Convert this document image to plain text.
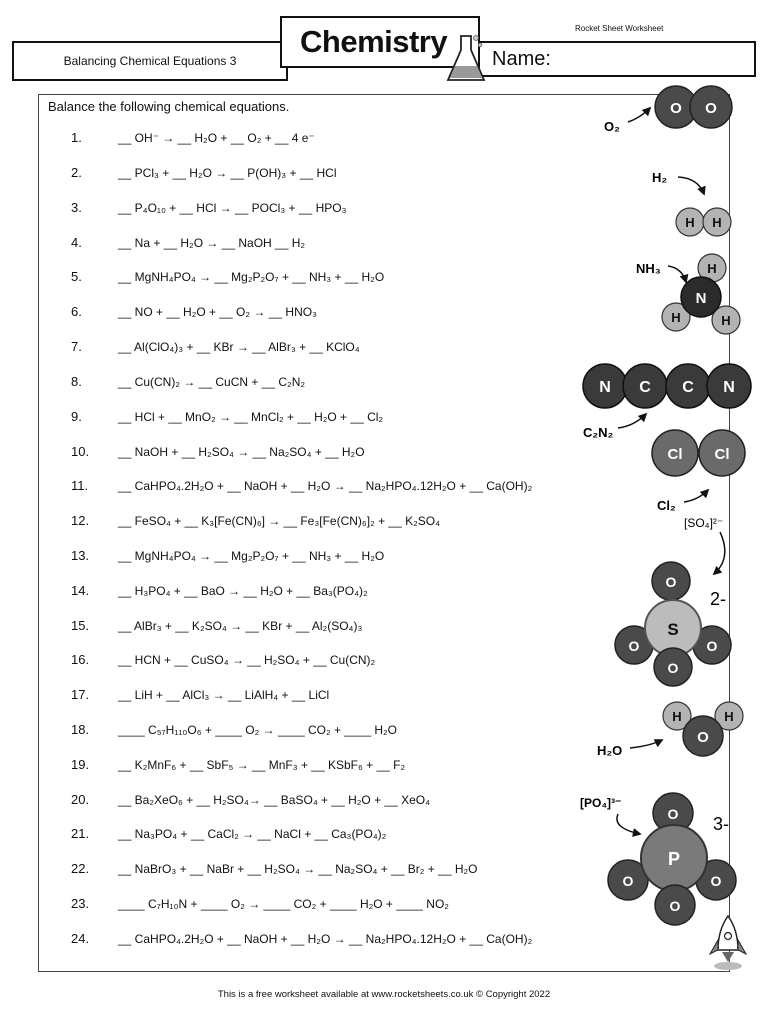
Balancing Chemical Equations 3	Name:
Chemistry	Rocket Sheet Worksheet
Balance the following chemical equations.
1.	__ OH⁻ → __ H₂O + __ O₂ + __ 4 e⁻
2.	__ PCl₃ + __ H₂O → __ P(OH)₃ + __ HCl
3.	__ P₄O₁₀ + __ HCl → __ POCl₃ + __ HPO₃
4.	__ Na + __ H₂O → __ NaOH __ H₂
5.	__ MgNH₄PO₄ → __ Mg₂P₂O₇ + __ NH₃ + __ H₂O
6.	__ NO + __ H₂O + __ O₂ → __ HNO₃
7.	__ Al(ClO₄)₃ + __ KBr → __ AlBr₃ + __ KClO₄
8.	__ Cu(CN)₂ → __ CuCN + __ C₂N₂
9.	__ HCl + __ MnO₂ → __ MnCl₂ + __ H₂O + __ Cl₂
10. __ NaOH + __ H₂SO₄ → __ Na₂SO₄ + __ H₂O
11. __ CaHPO₄.2H₂O + __ NaOH + __ H₂O → __ Na₂HPO₄.12H₂O + __ Ca(OH)₂
12. __ FeSO₄ + __ K₃[Fe(CN)₆] → __ Fe₃[Fe(CN)₆]₂ + __ K₂SO₄
13. __ MgNH₄PO₄ → __ Mg₂P₂O₇ + __ NH₃ + __ H₂O
14. __ H₃PO₄ + __ BaO → __ H₂O + __ Ba₃(PO₄)₂
15. __ AlBr₃ + __ K₂SO₄ → __ KBr + __ Al₂(SO₄)₃
16. __ HCN + __ CuSO₄ → __ H₂SO₄ + __ Cu(CN)₂
17. __ LiH + __ AlCl₃ → __ LiAlH₄ + __ LiCl
18. ____ C₅₇H₁₁₀O₆ + ____ O₂ → ____ CO₂ + ____ H₂O
19. __ K₂MnF₆ + __ SbF₅ → __ MnF₃ + __ KSbF₆ + __ F₂
20. __ Ba₂XeO₆ + __ H₂SO₄→ __ BaSO₄ + __ H₂O + __ XeO₄
21. __ Na₃PO₄ + __ CaCl₂ → __ NaCl + __ Ca₃(PO₄)₂
22. __ NaBrO₃ + __ NaBr + __ H₂SO₄ → __ Na₂SO₄ + __ Br₂ + __ H₂O
23. ____ C₇H₁₀N + ____ O₂ → ____ CO₂ + ____ H₂O + ____ NO₂
24. __ CaHPO₄.2H₂O + __ NaOH + __ H₂O → __ Na₂HPO₄.12H₂O + __ Ca(OH)₂
O₂
O O
H₂
H H
NH₃	H
N
H	H
N C C N
C₂N₂
Cl Cl
Cl₂
[SO₄]²⁻
O
S
O	O
O
2-
H
O
H
H₂O
[PO₄]³⁻
O
P
O	O
O
3-
This is a free worksheet available at www.rocketsheets.co.uk © Copyright 2022
